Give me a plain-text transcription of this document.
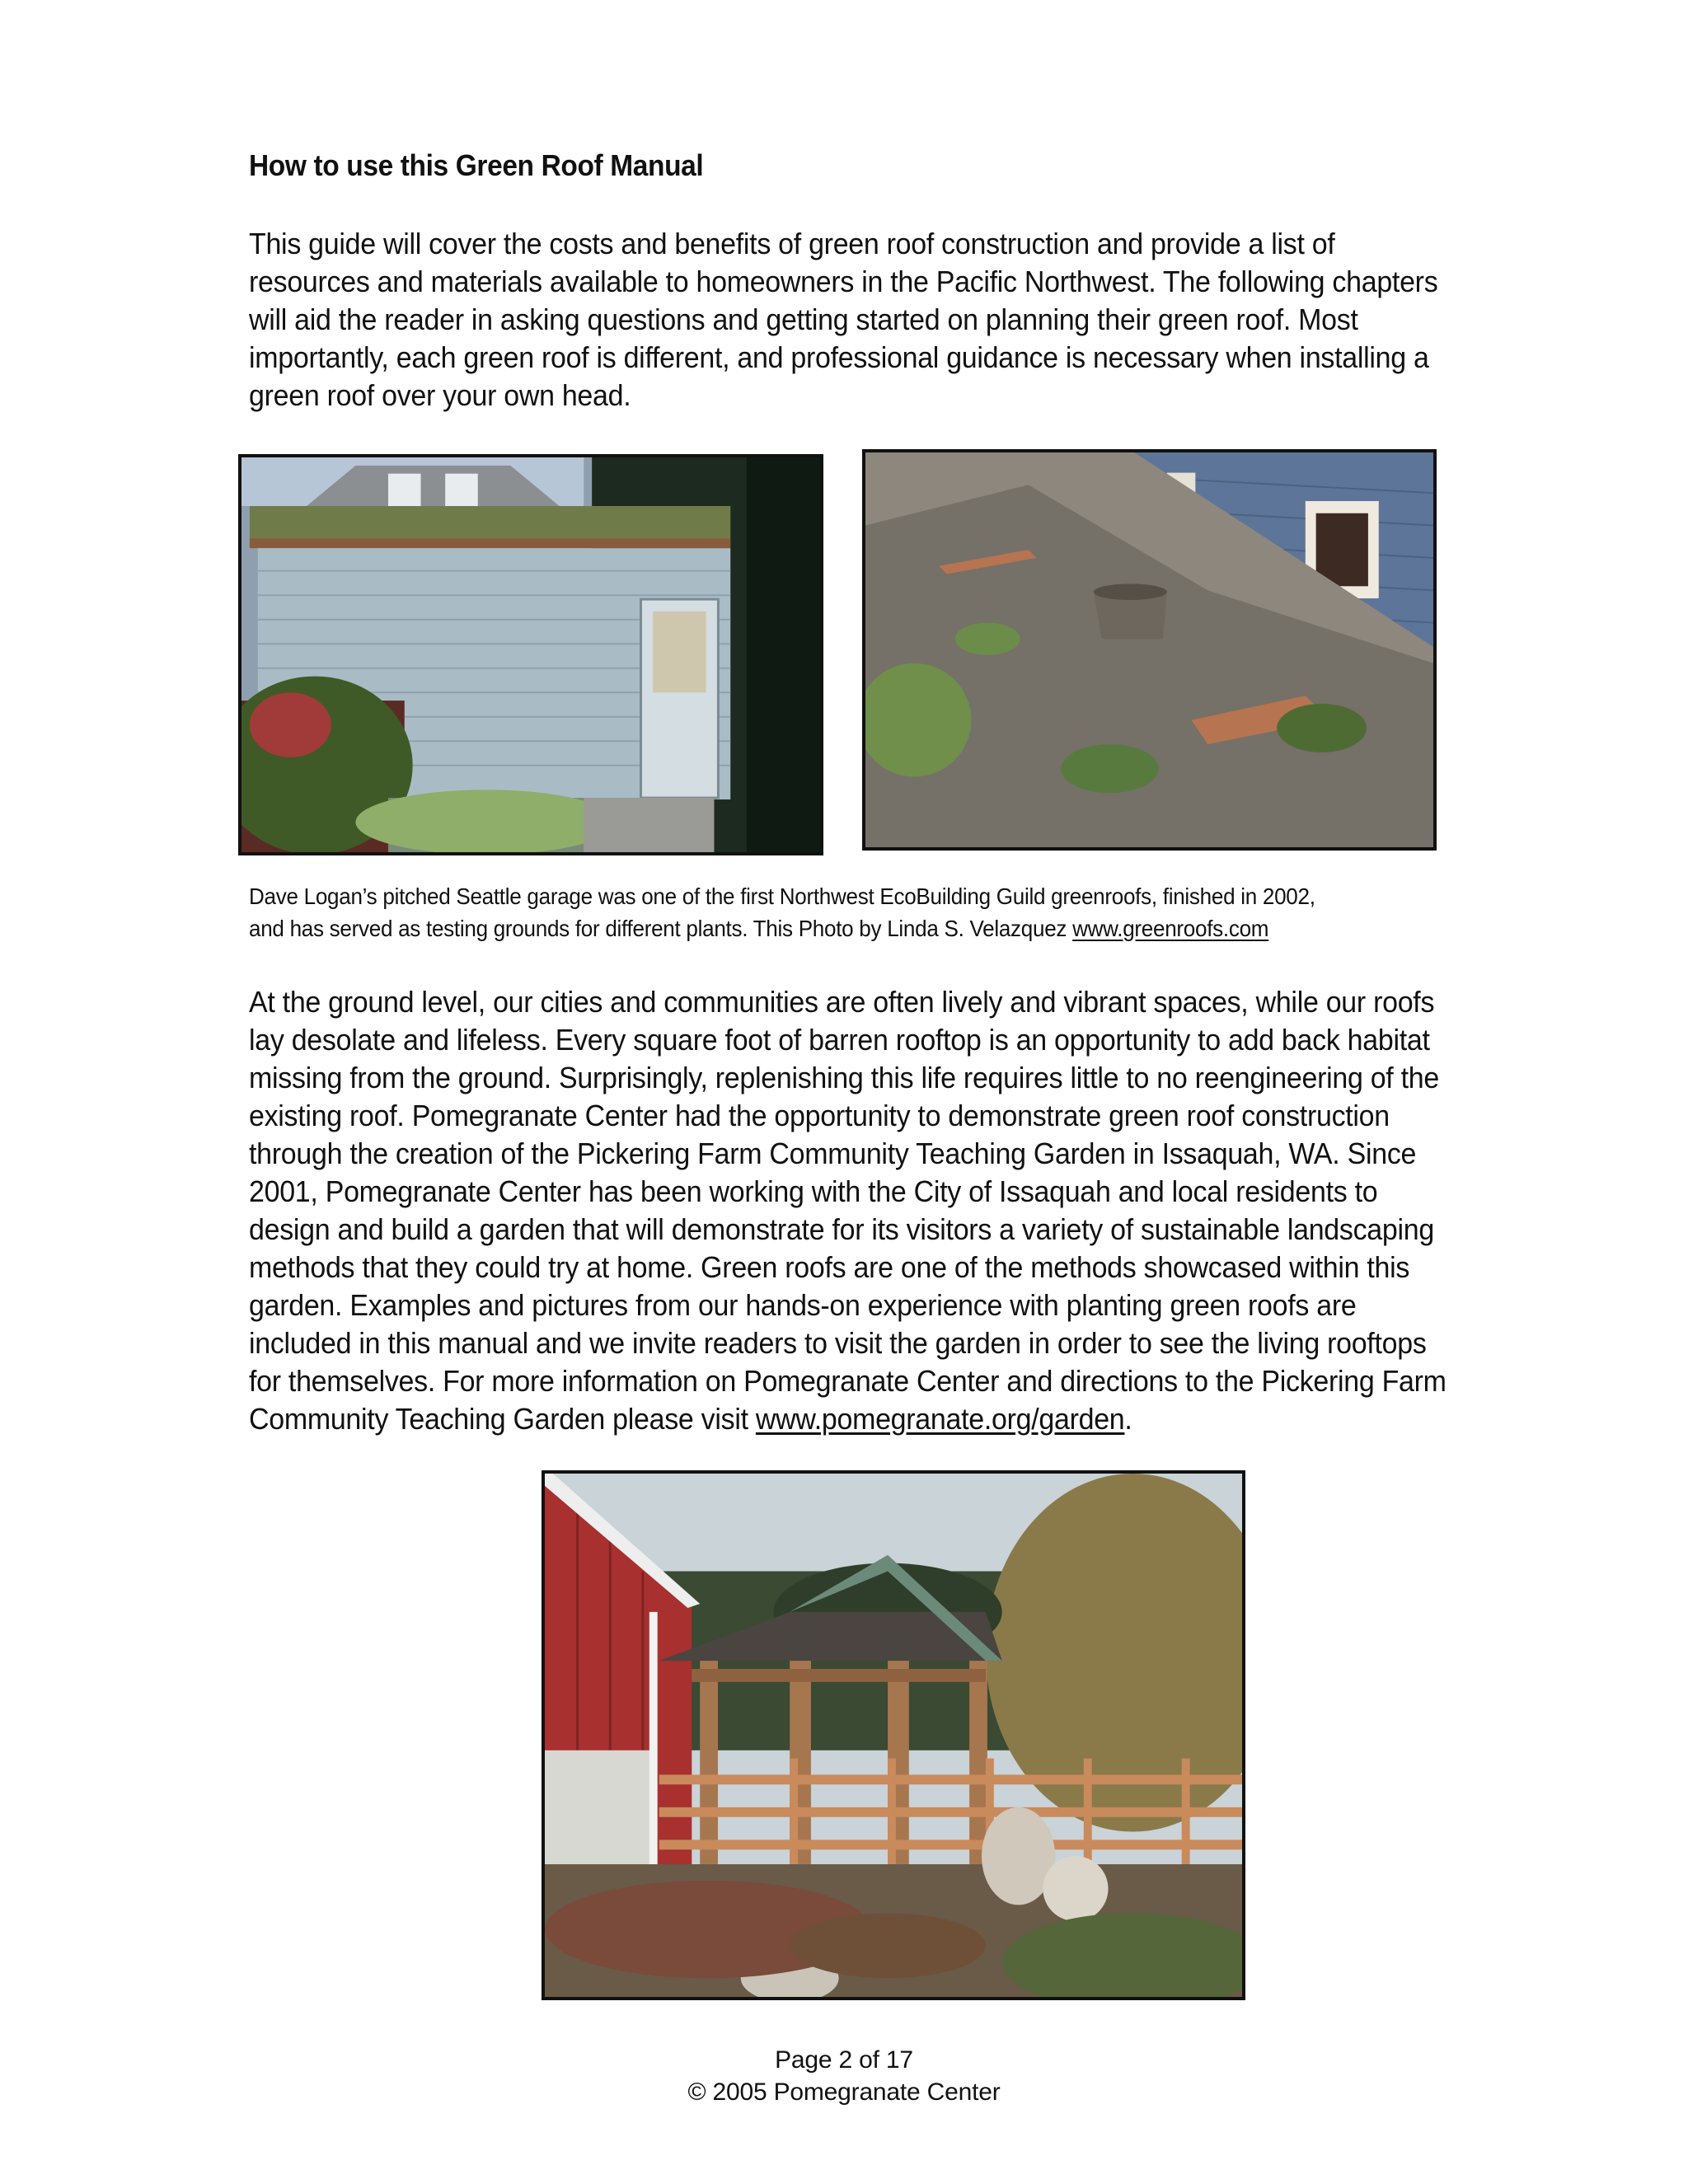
How to use this Green Roof Manual
This guide will cover the costs and benefits of green roof construction and provide a list of
resources and materials available to homeowners in the Pacific Northwest. The following chapters
will aid the reader in asking questions and getting started on planning their green roof. Most
importantly, each green roof is different, and professional guidance is necessary when installing a
green roof over your own head.
Dave Logan’s pitched Seattle garage was one of the first Northwest EcoBuilding Guild greenroofs, finished in 2002,
and has served as testing grounds for different plants. This Photo by Linda S. Velazquez www.greenroofs.com
At the ground level, our cities and communities are often lively and vibrant spaces, while our roofs
lay desolate and lifeless. Every square foot of barren rooftop is an opportunity to add back habitat
missing from the ground. Surprisingly, replenishing this life requires little to no reengineering of the
existing roof. Pomegranate Center had the opportunity to demonstrate green roof construction
through the creation of the Pickering Farm Community Teaching Garden in Issaquah, WA. Since
2001, Pomegranate Center has been working with the City of Issaquah and local residents to
design and build a garden that will demonstrate for its visitors a variety of sustainable landscaping
methods that they could try at home. Green roofs are one of the methods showcased within this
garden. Examples and pictures from our hands-on experience with planting green roofs are
included in this manual and we invite readers to visit the garden in order to see the living rooftops
for themselves. For more information on Pomegranate Center and directions to the Pickering Farm
Community Teaching Garden please visit www.pomegranate.org/garden.
Page 2 of 17
© 2005 Pomegranate Center
